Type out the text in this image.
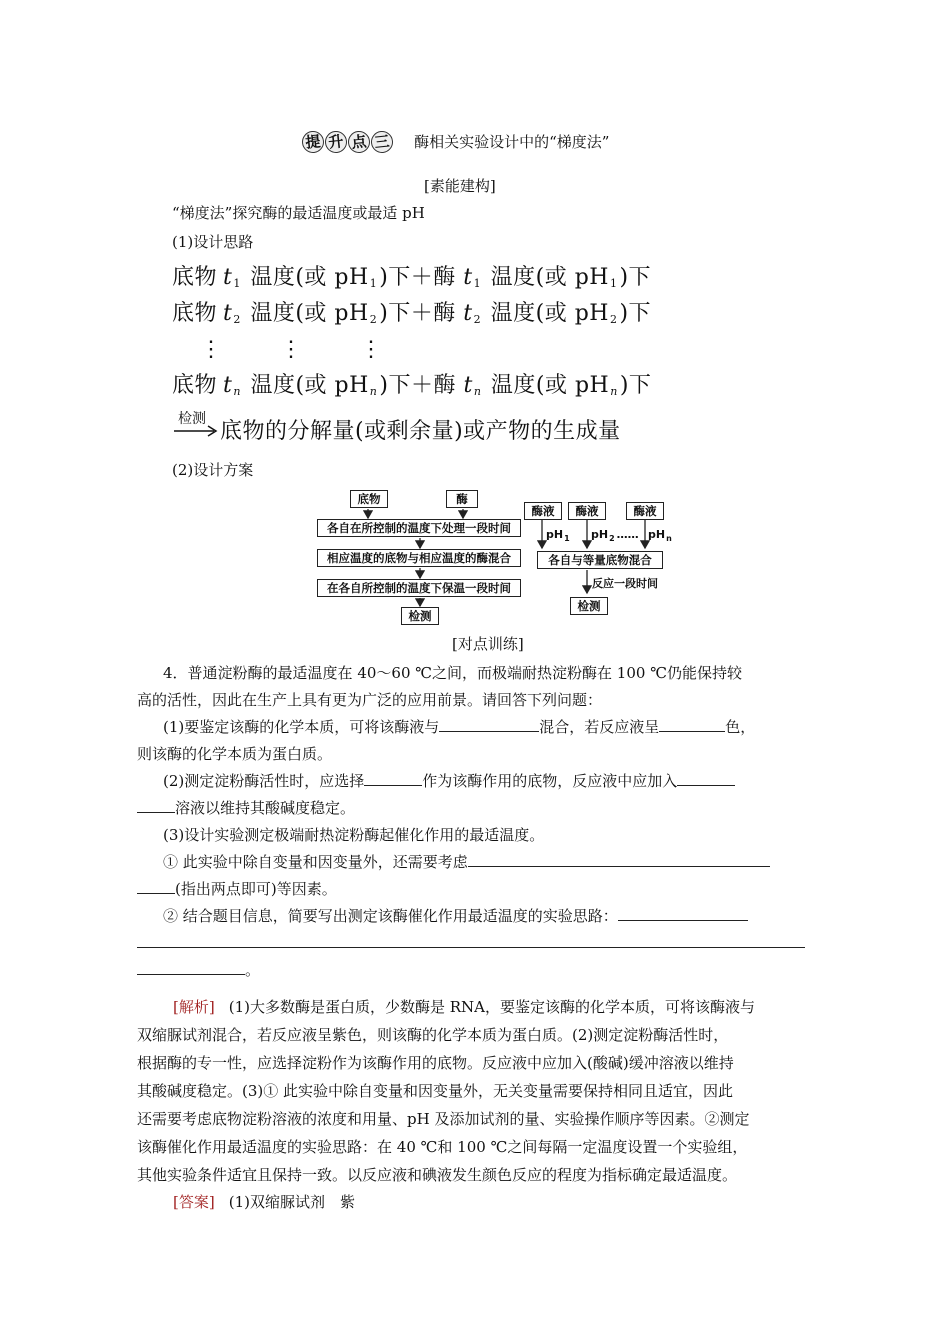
提 升 点 三 酶相关实验设计中的“梯度法”
[素能建构]
“梯度法”探究酶的最适温度或最适 pH
(1)设计思路
底物 $t_1$ 温度(或 $pH_1$)下＋酶 $t_1$ 温度(或 $pH_1$)下
底物 $t_2$ 温度(或 $pH_2$)下＋酶 $t_2$ 温度(或 $pH_2$)下
⋮	⋮	⋮
底物 $t_n$ 温度(或 $pH_n$)下＋酶 $t_n$ 温度(或 $pH_n$)下
检测 底物的分解量(或剩余量)或产物的生成量
(2)设计方案
底物	酶
各自在所控制的温度下处理一段时间
相应温度的底物与相应温度的酶混合
在各自所控制的温度下保温一段时间
检测
酶液	酶液	酶液
$pH_1$ $pH_2$ …… $pH_n$
各自与等量底物混合
反应一段时间
检测
[对点训练]
4．普通淀粉酶的最适温度在 40～60 ℃之间，而极端耐热淀粉酶在 100 ℃仍能保持较
高的活性，因此在生产上具有更为广泛的应用前景。请回答下列问题：
(1)要鉴定该酶的化学本质，可将该酶液与	混合，若反应液呈	色，
则该酶的化学本质为蛋白质。
(2)测定淀粉酶活性时，应选择	作为该酶作用的底物，反应液中应加入
溶液以维持其酸碱度稳定。
(3)设计实验测定极端耐热淀粉酶起催化作用的最适温度。
① 此实验中除自变量和因变量外，还需要考虑
(指出两点即可)等因素。
② 结合题目信息，简要写出测定该酶催化作用最适温度的实验思路：
。
[解析] (1)大多数酶是蛋白质，少数酶是 RNA，要鉴定该酶的化学本质，可将该酶液与
双缩脲试剂混合，若反应液呈紫色，则该酶的化学本质为蛋白质。(2)测定淀粉酶活性时，
根据酶的专一性，应选择淀粉作为该酶作用的底物。反应液中应加入(酸碱)缓冲溶液以维持
其酸碱度稳定。(3)① 此实验中除自变量和因变量外，无关变量需要保持相同且适宜，因此
还需要考虑底物淀粉溶液的浓度和用量、pH 及添加试剂的量、实验操作顺序等因素。②测定
该酶催化作用最适温度的实验思路：在 40 ℃和 100 ℃之间每隔一定温度设置一个实验组，
其他实验条件适宜且保持一致。以反应液和碘液发生颜色反应的程度为指标确定最适温度。
[答案] (1)双缩脲试剂　紫
